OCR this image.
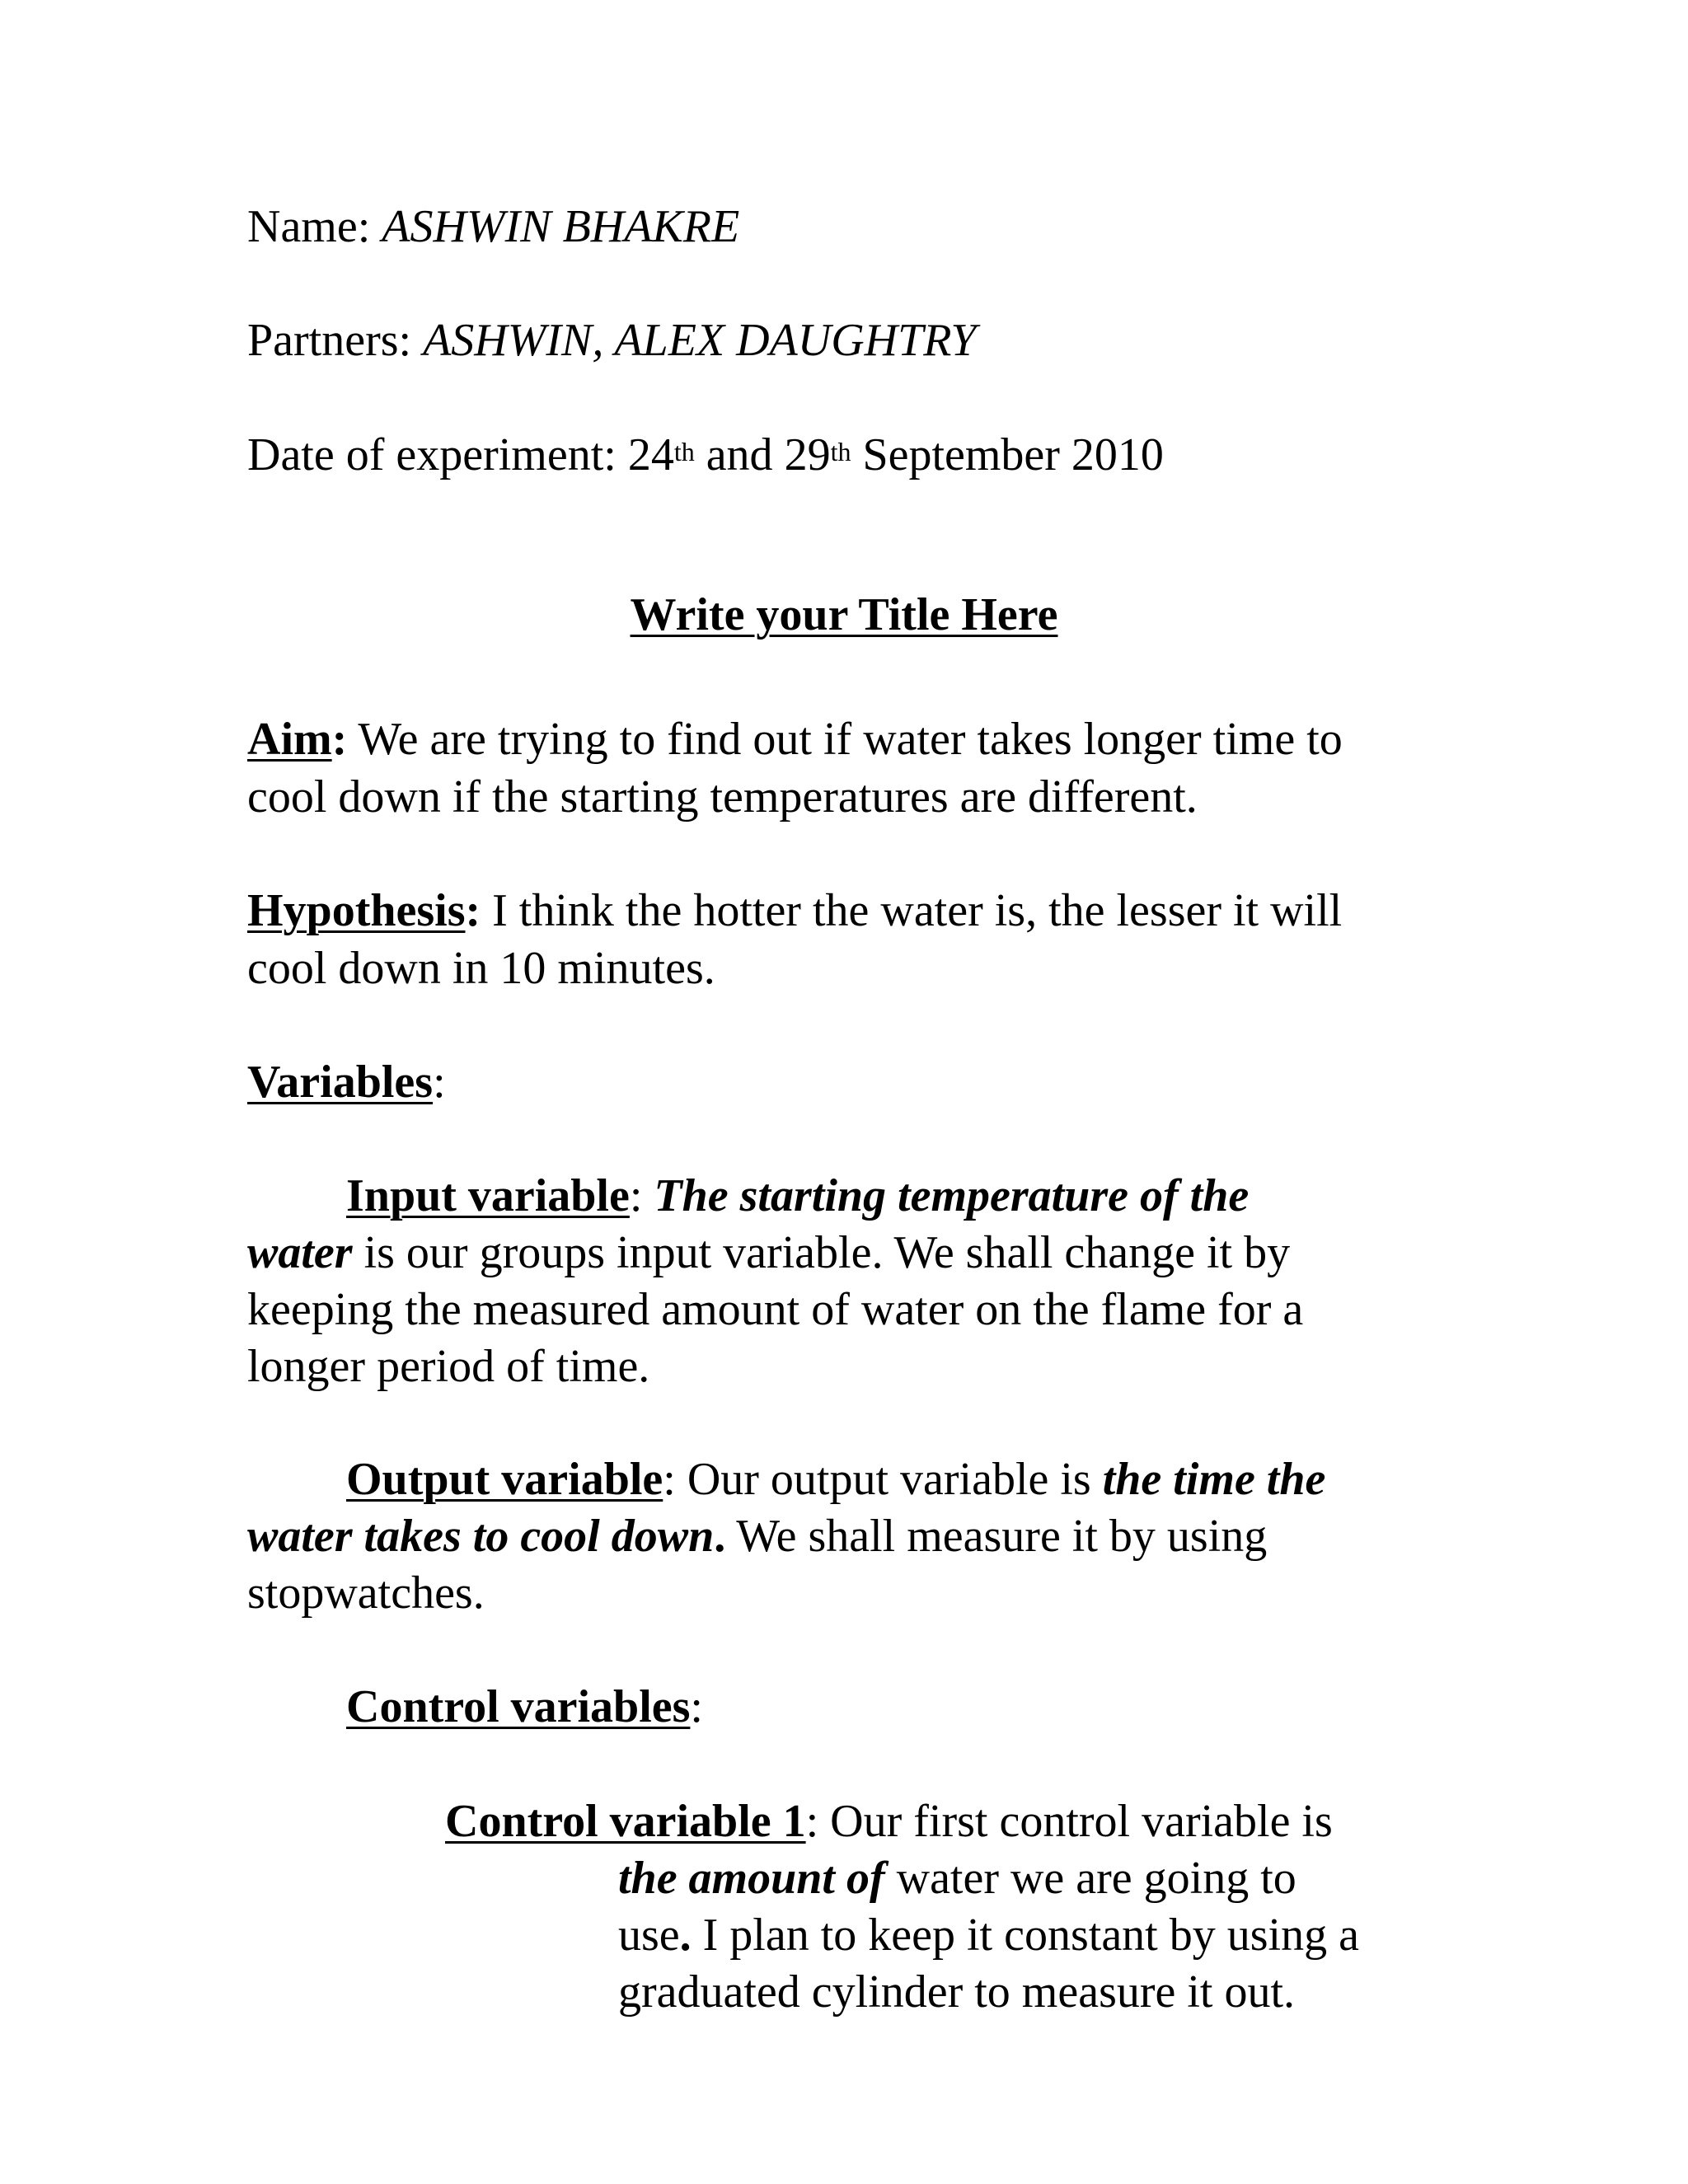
Name: ASHWIN BHAKRE

Partners: ASHWIN, ALEX DAUGHTRY

Date of experiment: 24th and 29th September 2010

Write your Title Here

Aim: We are trying to find out if water takes longer time to

cool down if the starting temperatures are different.

Hypothesis: I think the hotter the water is, the lesser it will

cool down in 10 minutes.

Variables:

Input variable: The starting temperature of the

water is our groups input variable. We shall change it by

keeping the measured amount of water on the flame for a

longer period of time.

Output variable: Our output variable is the time the

water takes to cool down. We shall measure it by using

stopwatches.

Control variables:

Control variable 1: Our first control variable is

the amount of water we are going to

use. I plan to keep it constant by using a

graduated cylinder to measure it out.
